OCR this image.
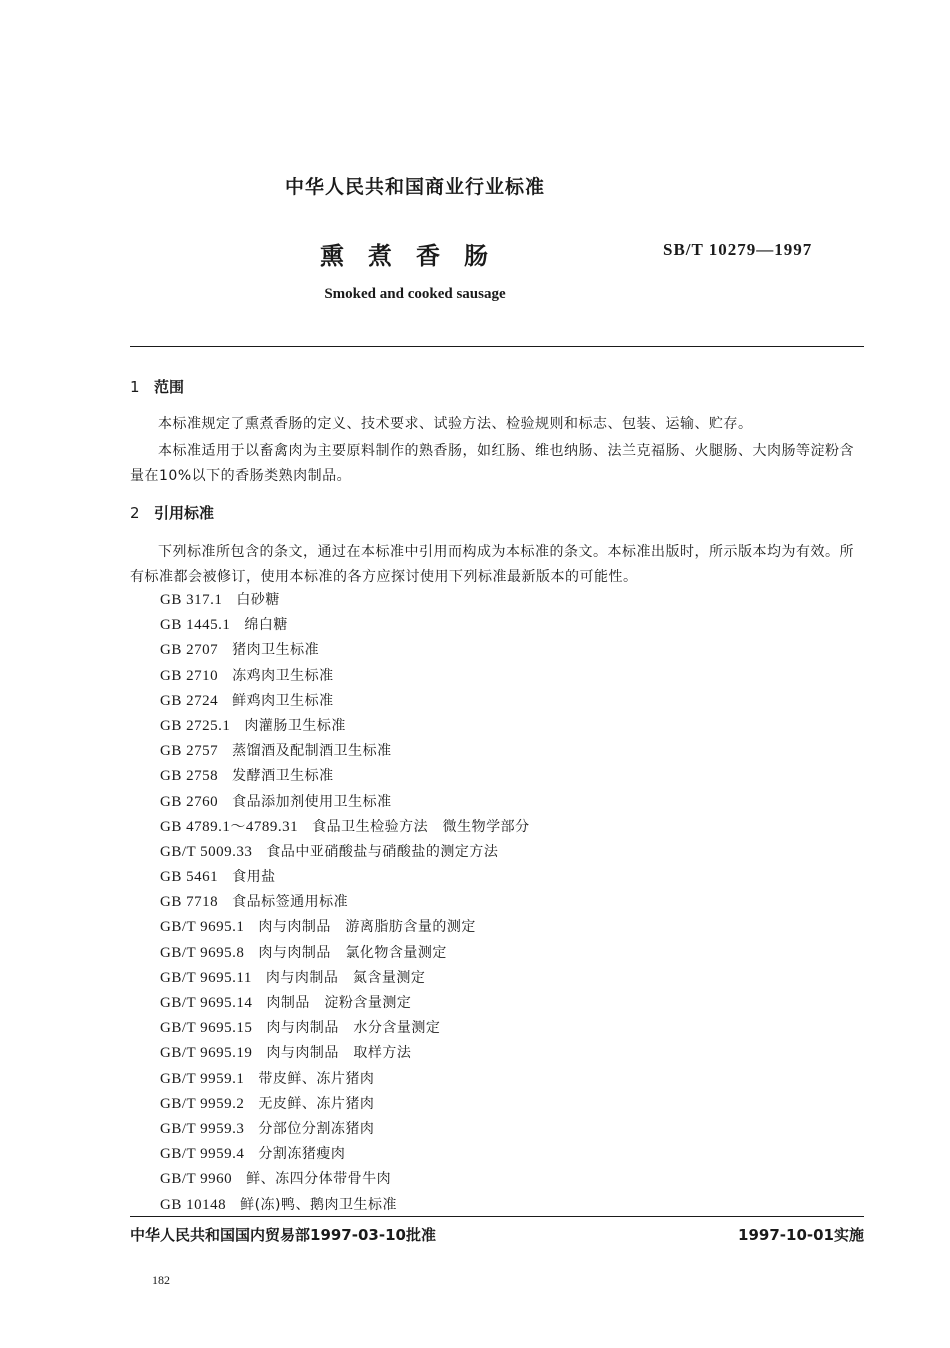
中华人民共和国商业行业标准
熏煮香肠	SB/T 10279—1997
Smoked and cooked sausage
1 范围
本标准规定了熏煮香肠的定义、技术要求、试验方法、检验规则和标志、包装、运输、贮存。
本标准适用于以畜禽肉为主要原料制作的熟香肠，如红肠、维也纳肠、法兰克福肠、火腿肠、大肉肠等淀粉含量在10%以下的香肠类熟肉制品。
2 引用标准
下列标准所包含的条文，通过在本标准中引用而构成为本标准的条文。本标准出版时，所示版本均为有效。所有标准都会被修订，使用本标准的各方应探讨使用下列标准最新版本的可能性。
GB 317.1 白砂糖
GB 1445.1 绵白糖
GB 2707 猪肉卫生标准
GB 2710 冻鸡肉卫生标准
GB 2724 鲜鸡肉卫生标准
GB 2725.1 肉灌肠卫生标准
GB 2757 蒸馏酒及配制酒卫生标准
GB 2758 发酵酒卫生标准
GB 2760 食品添加剂使用卫生标准
GB 4789.1～4789.31 食品卫生检验方法　微生物学部分
GB/T 5009.33 食品中亚硝酸盐与硝酸盐的测定方法
GB 5461 食用盐
GB 7718 食品标签通用标准
GB/T 9695.1 肉与肉制品　游离脂肪含量的测定
GB/T 9695.8 肉与肉制品　氯化物含量测定
GB/T 9695.11 肉与肉制品　氮含量测定
GB/T 9695.14 肉制品　淀粉含量测定
GB/T 9695.15 肉与肉制品　水分含量测定
GB/T 9695.19 肉与肉制品　取样方法
GB/T 9959.1 带皮鲜、冻片猪肉
GB/T 9959.2 无皮鲜、冻片猪肉
GB/T 9959.3 分部位分割冻猪肉
GB/T 9959.4 分割冻猪瘦肉
GB/T 9960 鲜、冻四分体带骨牛肉
GB 10148 鲜(冻)鸭、鹅肉卫生标准
中华人民共和国国内贸易部1997-03-10批准	1997-10-01实施
182
